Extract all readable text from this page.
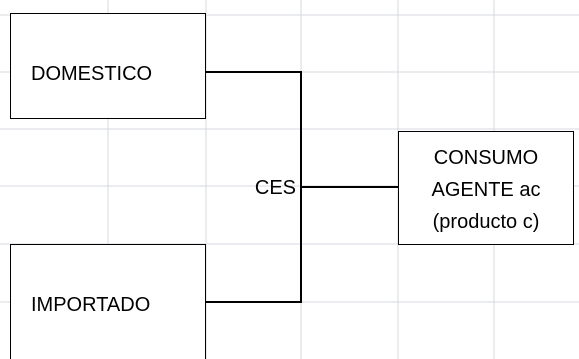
DOMESTICO
IMPORTADO
CONSUMO
AGENTE ac
(producto c)
CES
